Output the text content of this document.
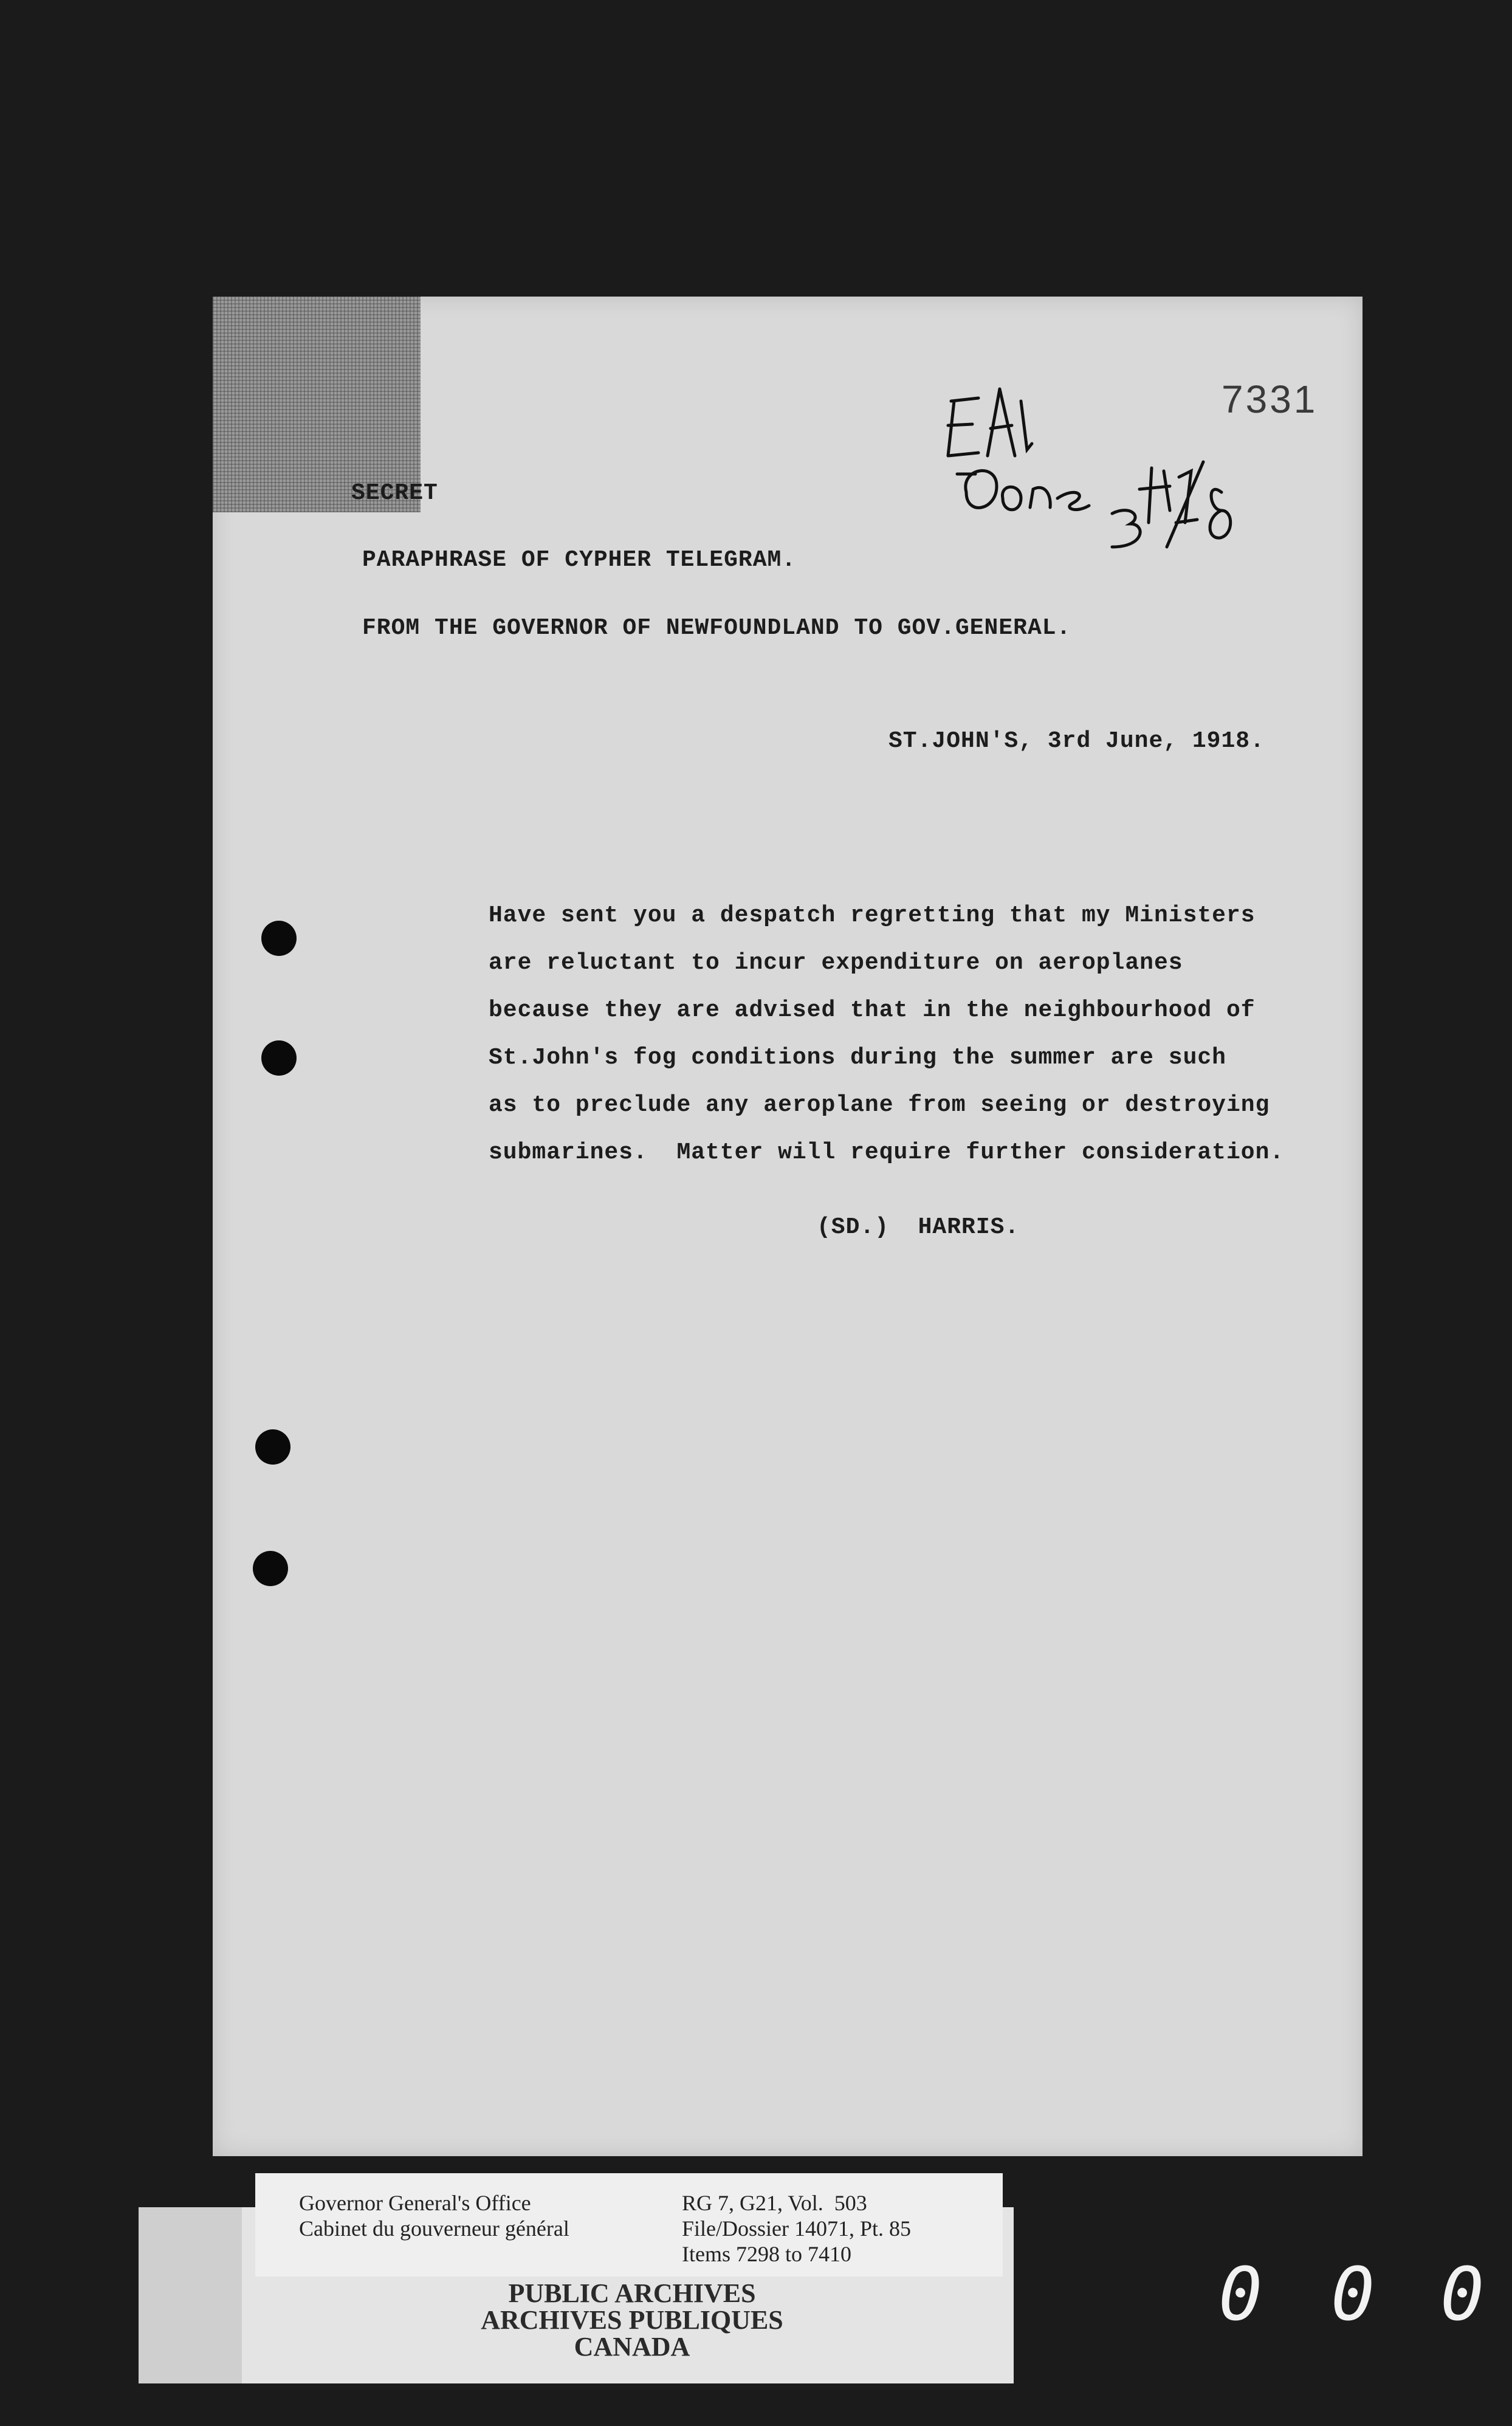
7331
SECRET
PARAPHRASE OF CYPHER TELEGRAM.
FROM THE GOVERNOR OF NEWFOUNDLAND TO GOV.GENERAL.
ST.JOHN'S, 3rd June, 1918.
Have sent you a despatch regretting that my Ministers
are reluctant to incur expenditure on aeroplanes
because they are advised that in the neighbourhood of
St.John's fog conditions during the summer are such
as to preclude any aeroplane from seeing or destroying
submarines.  Matter will require further consideration.
(SD.)  HARRIS.
Governor General's Office
Cabinet du gouverneur général
RG 7, G21, Vol.  503
File/Dossier 14071, Pt. 85
Items 7298 to 7410
PUBLIC ARCHIVES
ARCHIVES PUBLIQUES
CANADA
0 0 0
